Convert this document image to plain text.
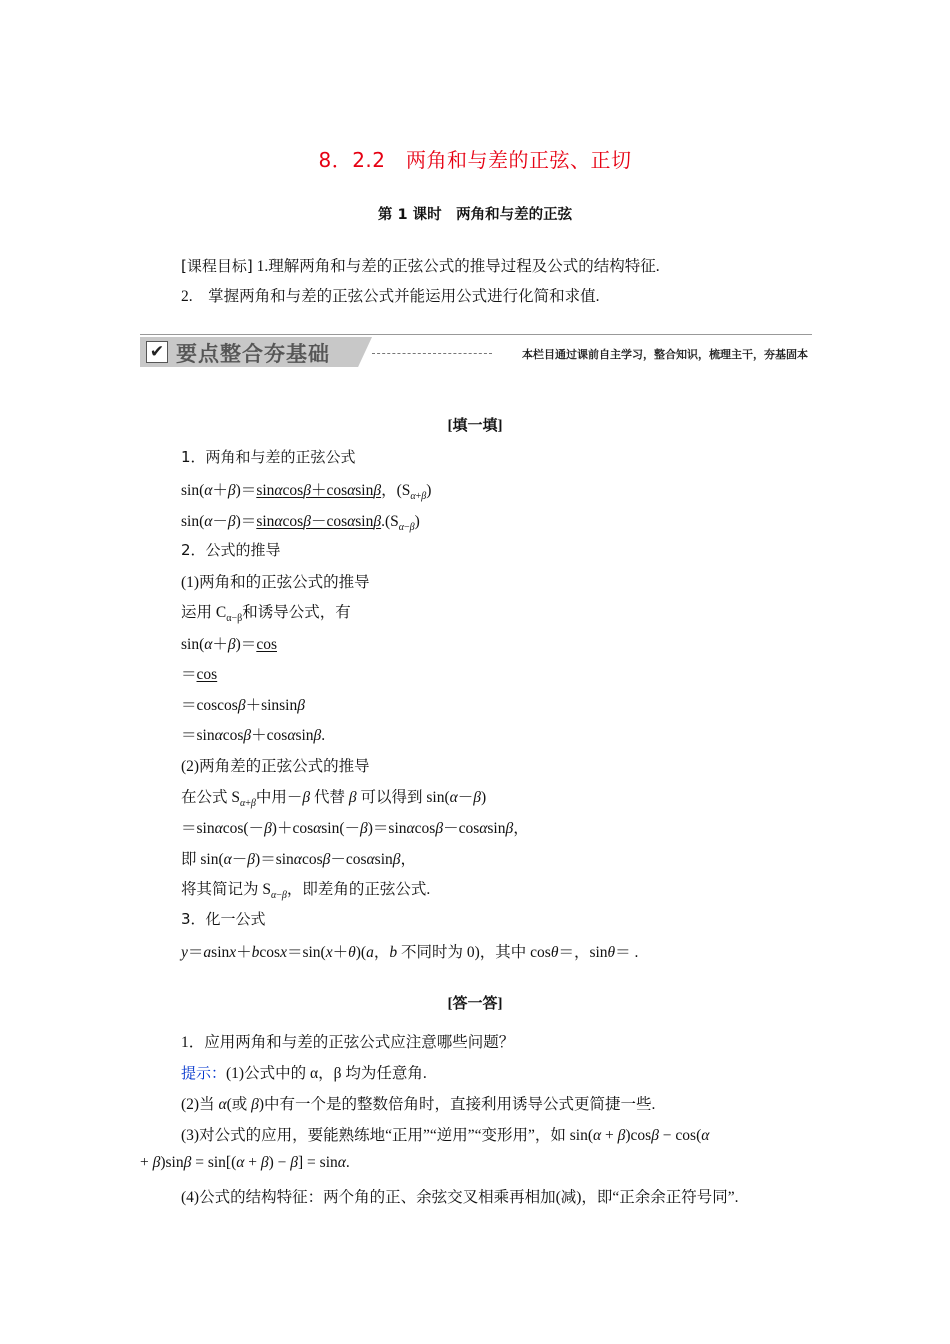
8．2.2　两角和与差的正弦、正切
第 1 课时　两角和与差的正弦
[课程目标] 1.理解两角和与差的正弦公式的推导过程及公式的结构特征.
2.　掌握两角和与差的正弦公式并能运用公式进行化简和求值.
✔ 要点整合夯基础	本栏目通过课前自主学习，整合知识，梳理主干，夯基固本
[填一填]
1．两角和与差的正弦公式
sin(α＋β)＝sinαcosβ＋cosαsinβ，$(S_{\alpha+\beta})$
$\sin(\alpha-\beta)=\sin\alpha\cos\beta-\cos\alpha\sin\beta.(S_{\alpha-\beta})$
2．公式的推导
(1)两角和的正弦公式的推导
运用 $C_{\alpha-\beta}$和诱导公式，有
sin(α＋β)＝cos
＝cos
＝coscosβ＋sinsinβ
＝sinαcosβ＋cosαsinβ.
(2)两角差的正弦公式的推导
在公式 $S_{\alpha+\beta}$中用－β 代替 β 可以得到 sin(α－β)
＝sinαcos(－β)＋cosαsin(－β)＝sinαcosβ－cosαsinβ，
即 sin(α－β)＝sinαcosβ－cosαsinβ，
将其简记为 $S_{\alpha-\beta}$，即差角的正弦公式.
3．化一公式
y＝asinx＋bcosx＝sin(x＋θ)(a，b 不同时为 0)，其中 cosθ＝，sinθ＝ .
[答一答]
1．应用两角和与差的正弦公式应注意哪些问题？
提示：(1)公式中的 α，β 均为任意角.
(2)当 α(或 β)中有一个是的整数倍角时，直接利用诱导公式更简捷一些.
(3)对公式的应用，要能熟练地“正用”“逆用”“变形用”，如 sin(α + β)cosβ − cos(α
+ β)sinβ = sin[(α + β) − β] = sinα.
(4)公式的结构特征：两个角的正、余弦交叉相乘再相加(减)，即“正余余正符号同”.
